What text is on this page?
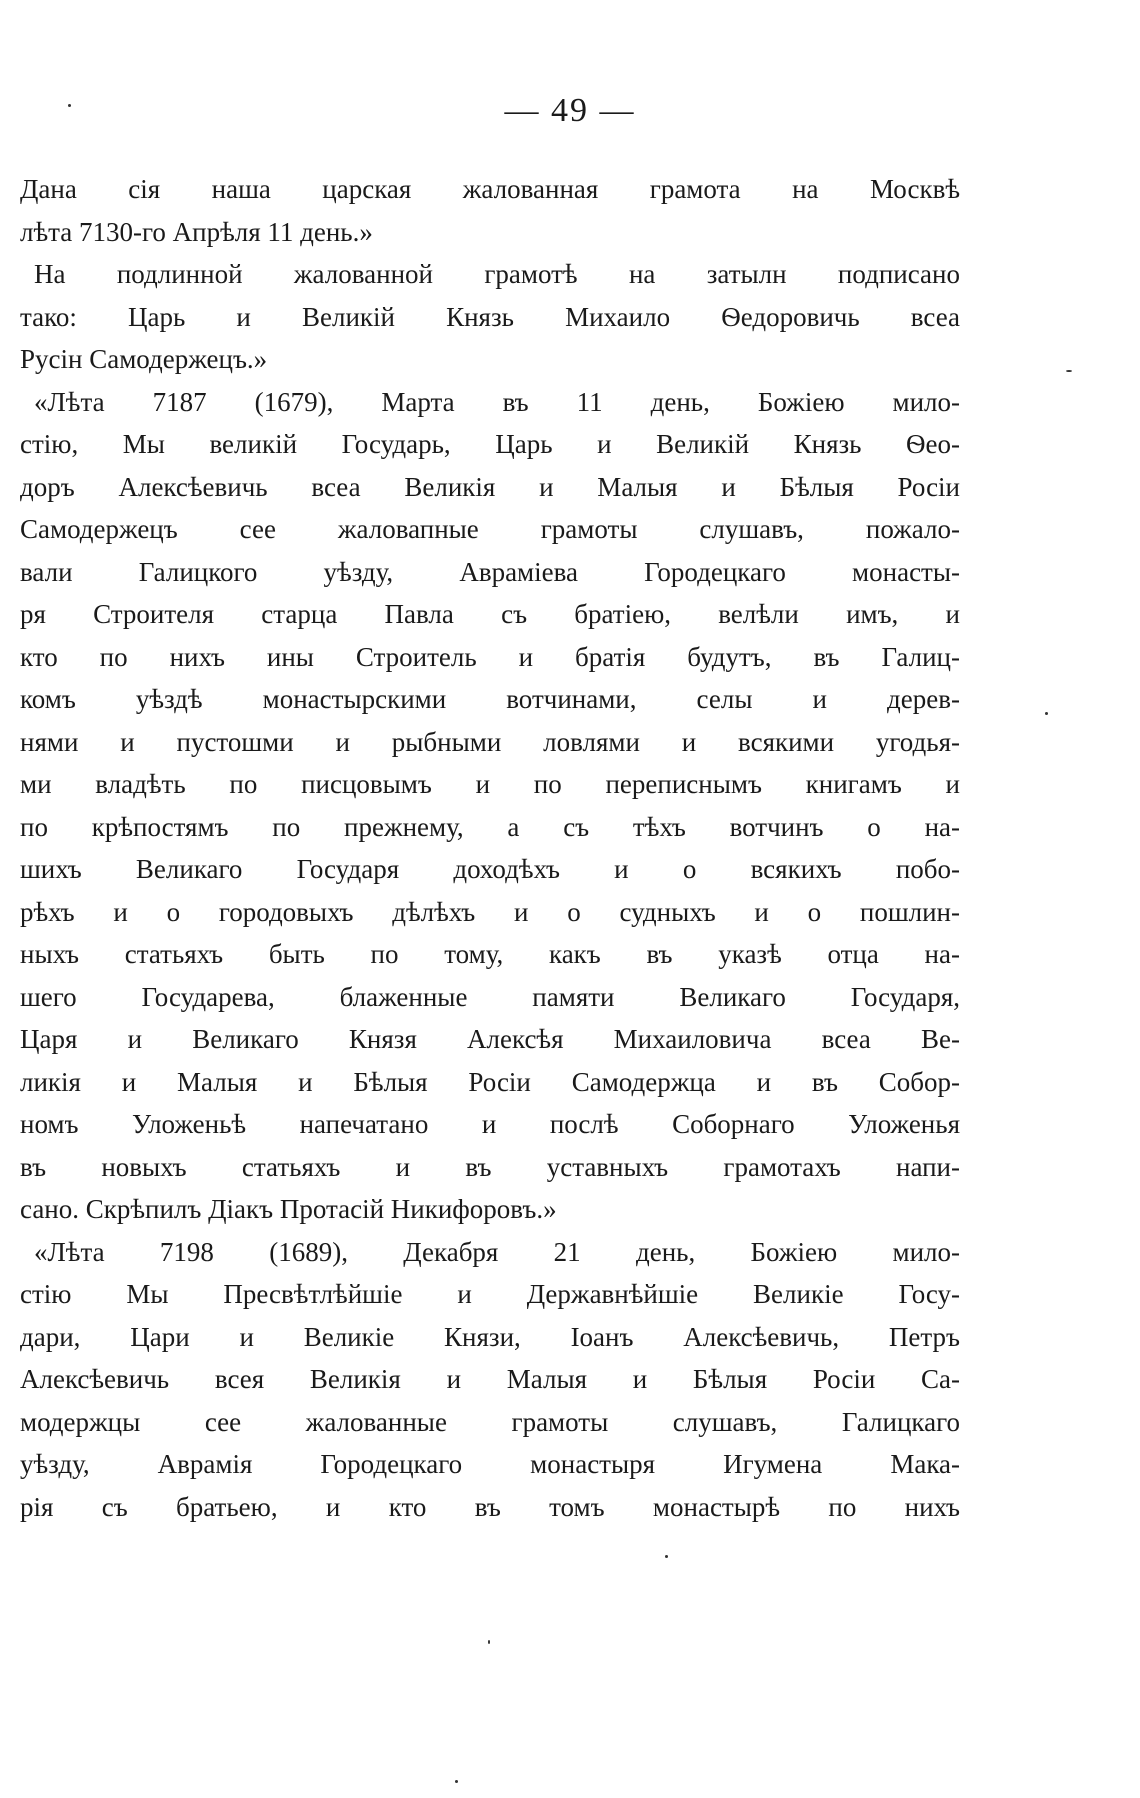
— 49 —
Дана сія наша царская жалованная грамота на Москвѣ
лѣта 7130-го Апрѣля 11 день.»
На подлинной жалованной грамотѣ на затылн подписано
тако: Царь и Великій Князь Михаило Ѳедоровичь всеа
Русін Самодержецъ.»
«Лѣта 7187 (1679), Марта въ 11 день, Божіею мило-
стію, Мы великій Государь, Царь и Великій Князь Ѳео-
доръ Алексѣевичь всеа Великія и Малыя и Бѣлыя Росіи
Самодержецъ сее жаловапные грамоты слушавъ, пожало-
вали Галицкого уѣзду, Авраміева Городецкаго монасты-
ря Строителя старца Павла съ братіею, велѣли имъ, и
кто по нихъ ины Строитель и братія будутъ, въ Галиц-
комъ уѣздѣ монастырскими вотчинами, селы и дерев-
нями и пустошми и рыбными ловлями и всякими угодья-
ми владѣть по писцовымъ и по переписнымъ книгамъ и
по крѣпостямъ по прежнему, а съ тѣхъ вотчинъ о на-
шихъ Великаго Государя доходѣхъ и о всякихъ побо-
рѣхъ и о городовыхъ дѣлѣхъ и о судныхъ и о пошлин-
ныхъ статьяхъ быть по тому, какъ въ указѣ отца на-
шего Государева, блаженные памяти Великаго Государя,
Царя и Великаго Князя Алексѣя Михаиловича всеа Ве-
ликія и Малыя и Бѣлыя Росіи Самодержца и въ Собор-
номъ Уложеньѣ напечатано и послѣ Соборнаго Уложенья
въ новыхъ статьяхъ и въ уставныхъ грамотахъ напи-
сано. Скрѣпилъ Діакъ Протасій Никифоровъ.»
«Лѣта 7198 (1689), Декабря 21 день, Божіею мило-
стію Мы Пресвѣтлѣйшіе и Державнѣйшіе Великіе Госу-
дари, Цари и Великіе Князи, Іоанъ Алексѣевичь, Петръ
Алексѣевичь всея Великія и Малыя и Бѣлыя Росіи Са-
модержцы сее жалованные грамоты слушавъ, Галицкаго
уѣзду, Аврамія Городецкаго монастыря Игумена Мака-
рія съ братьею, и кто въ томъ монастырѣ по нихъ
